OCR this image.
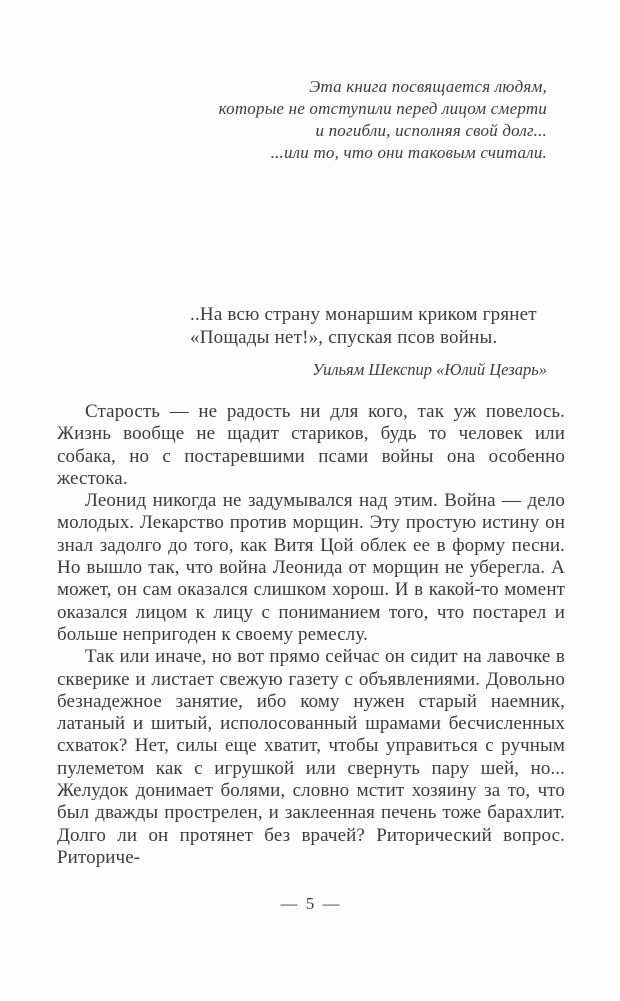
Эта книга посвящается людям,
которые не отступили перед лицом смерти
и погибли, исполняя свой долг...
...или то, что они таковым считали.
..На всю страну монаршим криком грянет
«Пощады нет!», спуская псов войны.
Уильям Шекспир «Юлий Цезарь»

Старость — не радость ни для кого, так уж повелось. Жизнь вообще не щадит стариков, будь то человек или собака, но с постаревшими псами войны она особенно жестока.

Леонид никогда не задумывался над этим. Война — дело молодых. Лекарство против морщин. Эту простую истину он знал задолго до того, как Витя Цой облек ее в форму песни. Но вышло так, что война Леонида от морщин не уберегла. А может, он сам оказался слишком хорош. И в какой-то момент оказался лицом к лицу с пониманием того, что постарел и больше непригоден к своему ремеслу.

Так или иначе, но вот прямо сейчас он сидит на лавочке в скверике и листает свежую газету с объявлениями. Довольно безнадежное занятие, ибо кому нужен старый наемник, латаный и шитый, исполосованный шрамами бесчисленных схваток? Нет, силы еще хватит, чтобы управиться с ручным пулеметом как с игрушкой или свернуть пару шей, но... Желудок донимает болями, словно мстит хозяину за то, что был дважды прострелен, и заклеенная печень тоже барахлит. Долго ли он протянет без врачей? Риторический вопрос. Риториче-

— 5 —
